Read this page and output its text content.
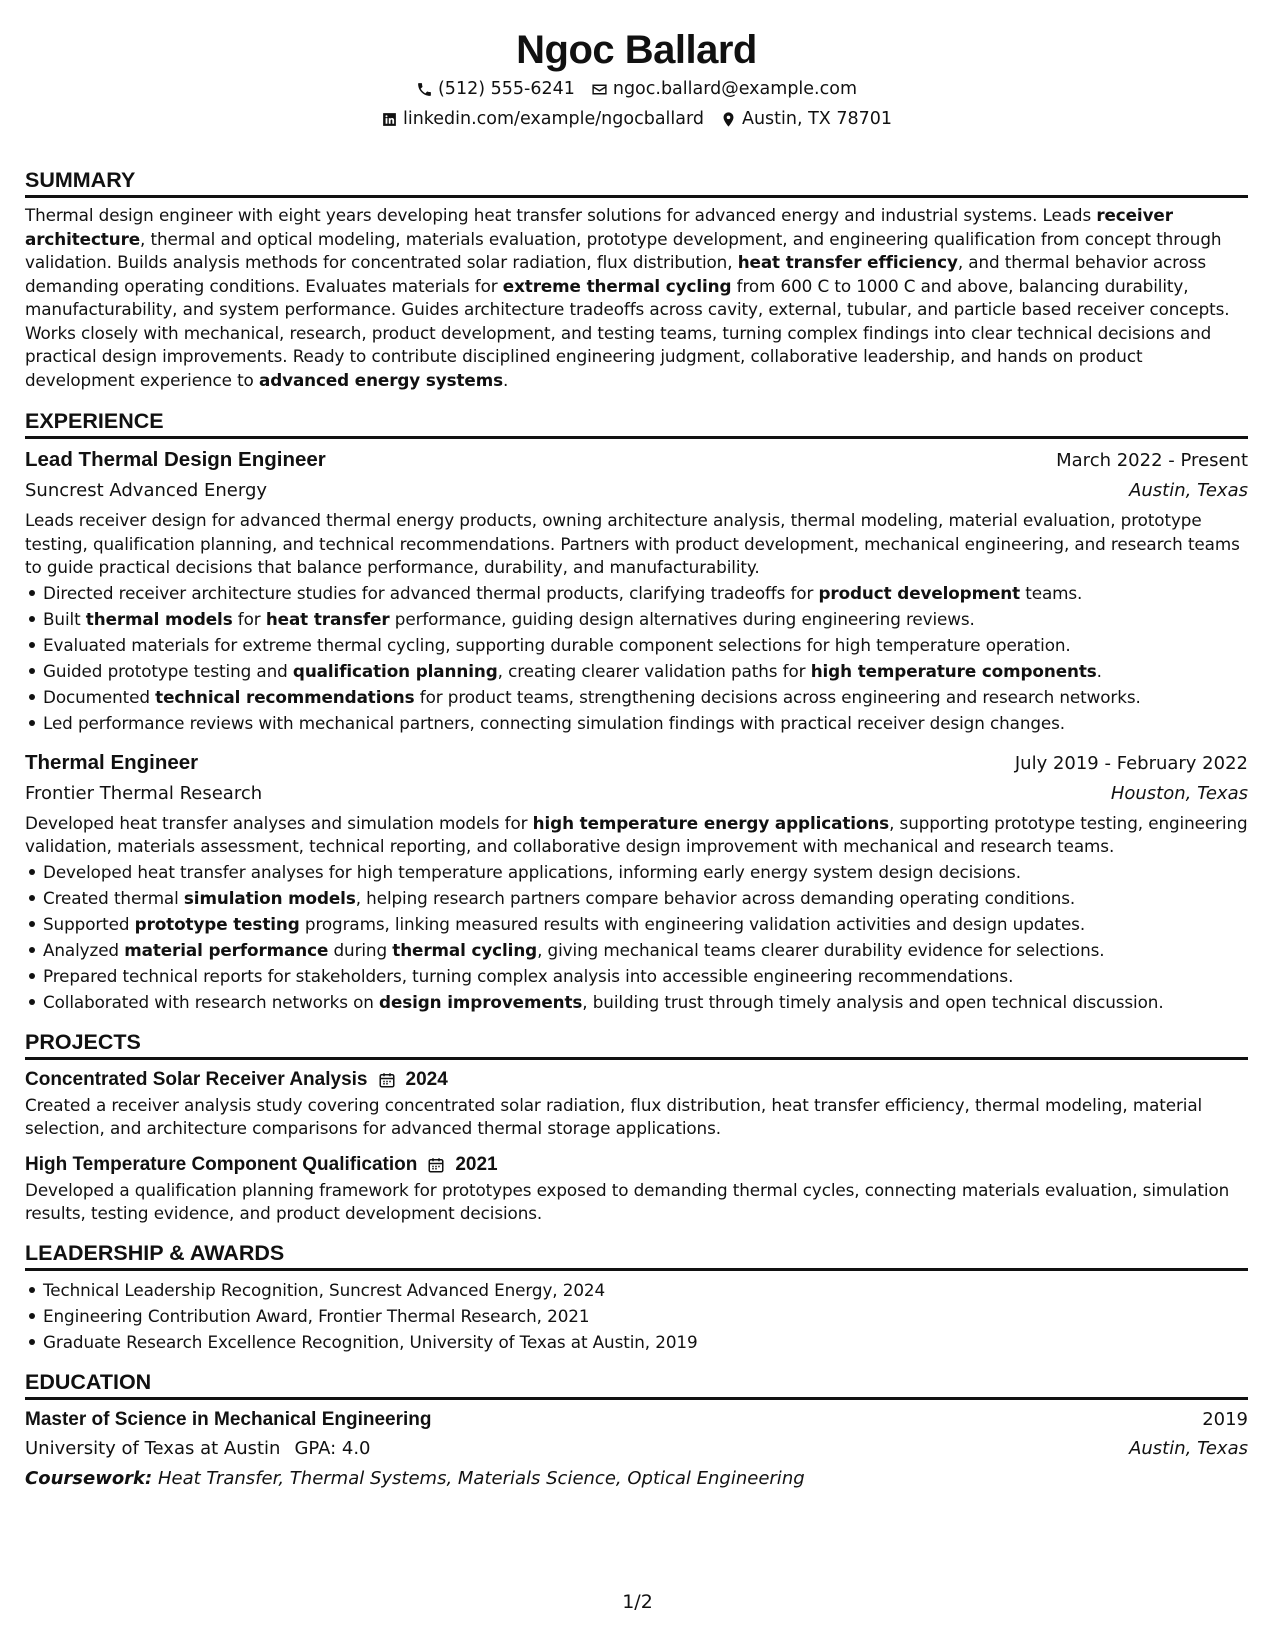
Ngoc Ballard
(512) 555-6241 ngoc.ballard@example.com
linkedin.com/example/ngocballard Austin, TX 78701
SUMMARY

Thermal design engineer with eight years developing heat transfer solutions for advanced energy and industrial systems. Leads receiver architecture, thermal and optical modeling, materials evaluation, prototype development, and engineering qualification from concept through validation. Builds analysis methods for concentrated solar radiation, flux distribution, heat transfer efficiency, and thermal behavior across demanding operating conditions. Evaluates materials for extreme thermal cycling from 600 C to 1000 C and above, balancing durability, manufacturability, and system performance. Guides architecture tradeoffs across cavity, external, tubular, and particle based receiver concepts. Works closely with mechanical, research, product development, and testing teams, turning complex findings into clear technical decisions and practical design improvements. Ready to contribute disciplined engineering judgment, collaborative leadership, and hands on product development experience to advanced energy systems.

EXPERIENCE
Lead Thermal Design Engineer	March 2022 - Present
Suncrest Advanced Energy	Austin, Texas

Leads receiver design for advanced thermal energy products, owning architecture analysis, thermal modeling, material evaluation, prototype testing, qualification planning, and technical recommendations. Partners with product development, mechanical engineering, and research teams to guide practical decisions that balance performance, durability, and manufacturability.

Directed receiver architecture studies for advanced thermal products, clarifying tradeoffs for product development teams.
Built thermal models for heat transfer performance, guiding design alternatives during engineering reviews.
Evaluated materials for extreme thermal cycling, supporting durable component selections for high temperature operation.
Guided prototype testing and qualification planning, creating clearer validation paths for high temperature components.
Documented technical recommendations for product teams, strengthening decisions across engineering and research networks.
Led performance reviews with mechanical partners, connecting simulation findings with practical receiver design changes.
Thermal Engineer	July 2019 - February 2022
Frontier Thermal Research	Houston, Texas

Developed heat transfer analyses and simulation models for high temperature energy applications, supporting prototype testing, engineering validation, materials assessment, technical reporting, and collaborative design improvement with mechanical and research teams.

Developed heat transfer analyses for high temperature applications, informing early energy system design decisions.
Created thermal simulation models, helping research partners compare behavior across demanding operating conditions.
Supported prototype testing programs, linking measured results with engineering validation activities and design updates.
Analyzed material performance during thermal cycling, giving mechanical teams clearer durability evidence for selections.
Prepared technical reports for stakeholders, turning complex analysis into accessible engineering recommendations.
Collaborated with research networks on design improvements, building trust through timely analysis and open technical discussion.
PROJECTS
Concentrated Solar Receiver Analysis 2024

Created a receiver analysis study covering concentrated solar radiation, flux distribution, heat transfer efficiency, thermal modeling, material selection, and architecture comparisons for advanced thermal storage applications.

High Temperature Component Qualification 2021

Developed a qualification planning framework for prototypes exposed to demanding thermal cycles, connecting materials evaluation, simulation results, testing evidence, and product development decisions.

LEADERSHIP & AWARDS
Technical Leadership Recognition, Suncrest Advanced Energy, 2024
Engineering Contribution Award, Frontier Thermal Research, 2021
Graduate Research Excellence Recognition, University of Texas at Austin, 2019
EDUCATION
Master of Science in Mechanical Engineering	2019
University of Texas at Austin GPA: 4.0	Austin, Texas
Coursework: Heat Transfer, Thermal Systems, Materials Science, Optical Engineering
1/2
